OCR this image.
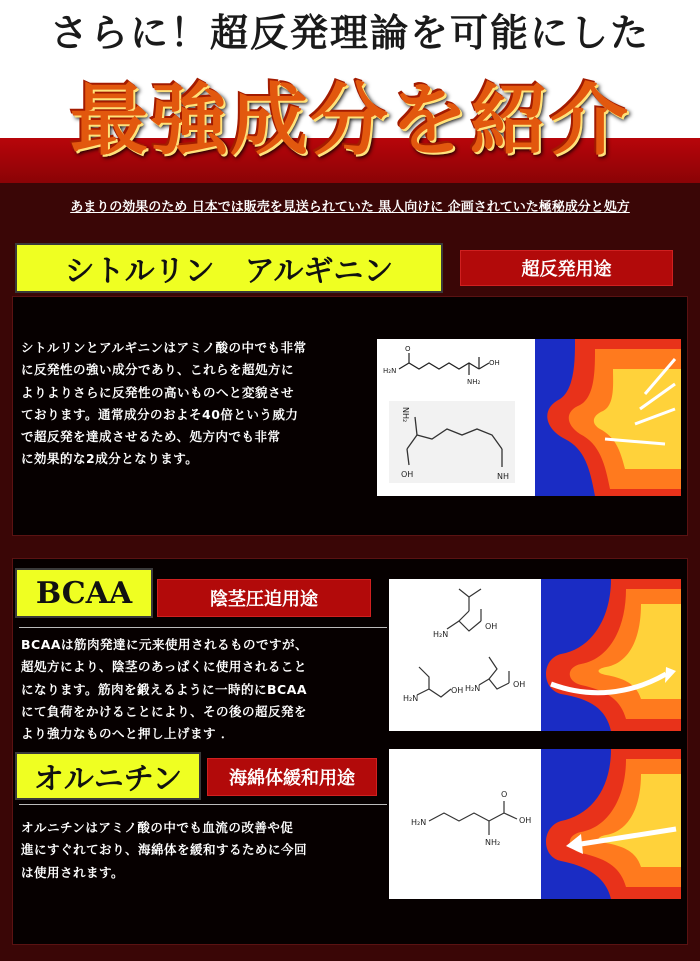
さらに！超反発理論を可能にした
最強成分を紹介
あまりの効果のため 日本では販売を見送られていた 黒人向けに 企画されていた極秘成分と処方
シトルリン　アルギニン	超反発用途
シトルリンとアルギニンはアミノ酸の中でも非常
に反発性の強い成分であり、これらを超処方に
よりよりさらに反発性の高いものへと変貌させ
ております。通常成分のおよそ40倍という威力
で超反発を達成させるため、処方内でも非常
に効果的な2成分となります。
H₂N
NH₂
OH
O
NH₂
OH	NH
BCAAは筋肉発達に元来使用されるものですが、
超処方により、陰茎のあっぱくに使用されること
になります。筋肉を鍛えるように一時的にBCAA
にて負荷をかけることにより、その後の超反発を
より強力なものへと押し上げます ．
オルニチンはアミノ酸の中でも血流の改善や促
進にすぐれており、海綿体を緩和するために今回
は使用されます。
H₂N
OH
H₂N
OH H₂N	OH
H₂N
NH₂
OH
O
BCAA	陰茎圧迫用途
オルニチン	海綿体緩和用途
